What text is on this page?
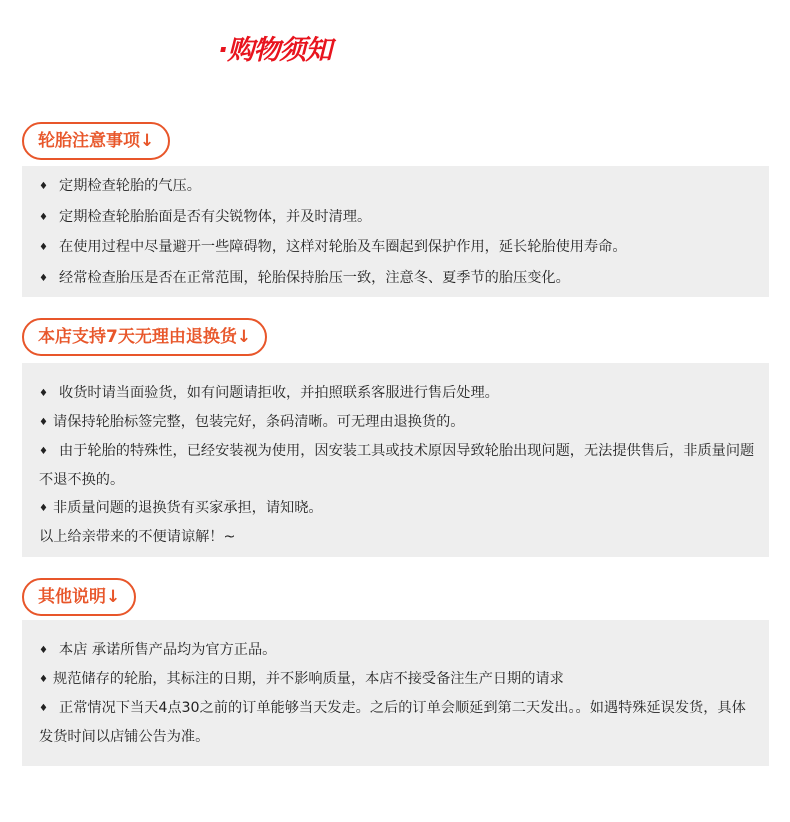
·购物须知
轮胎注意事项↓
♦ 定期检查轮胎的气压。
♦ 定期检查轮胎胎面是否有尖锐物体，并及时清理。
♦ 在使用过程中尽量避开一些障碍物，这样对轮胎及车圈起到保护作用，延长轮胎使用寿命。
♦ 经常检查胎压是否在正常范围，轮胎保持胎压一致，注意冬、夏季节的胎压变化。
本店支持7天无理由退换货↓
♦ 收货时请当面验货，如有问题请拒收，并拍照联系客服进行售后处理。
♦ 请保持轮胎标签完整，包装完好，条码清晰。可无理由退换货的。
♦ 由于轮胎的特殊性，已经安装视为使用，因安装工具或技术原因导致轮胎出现问题，无法提供售后，非质量问题不退不换的。
♦ 非质量问题的退换货有买家承担，请知晓。
以上给亲带来的不便请谅解！~
其他说明↓
♦ 本店 承诺所售产品均为官方正品。
♦ 规范储存的轮胎，其标注的日期，并不影响质量，本店不接受备注生产日期的请求
♦ 正常情况下当天4点30之前的订单能够当天发走。之后的订单会顺延到第二天发出。。如遇特殊延误发货，具体发货时间以店铺公告为准。
